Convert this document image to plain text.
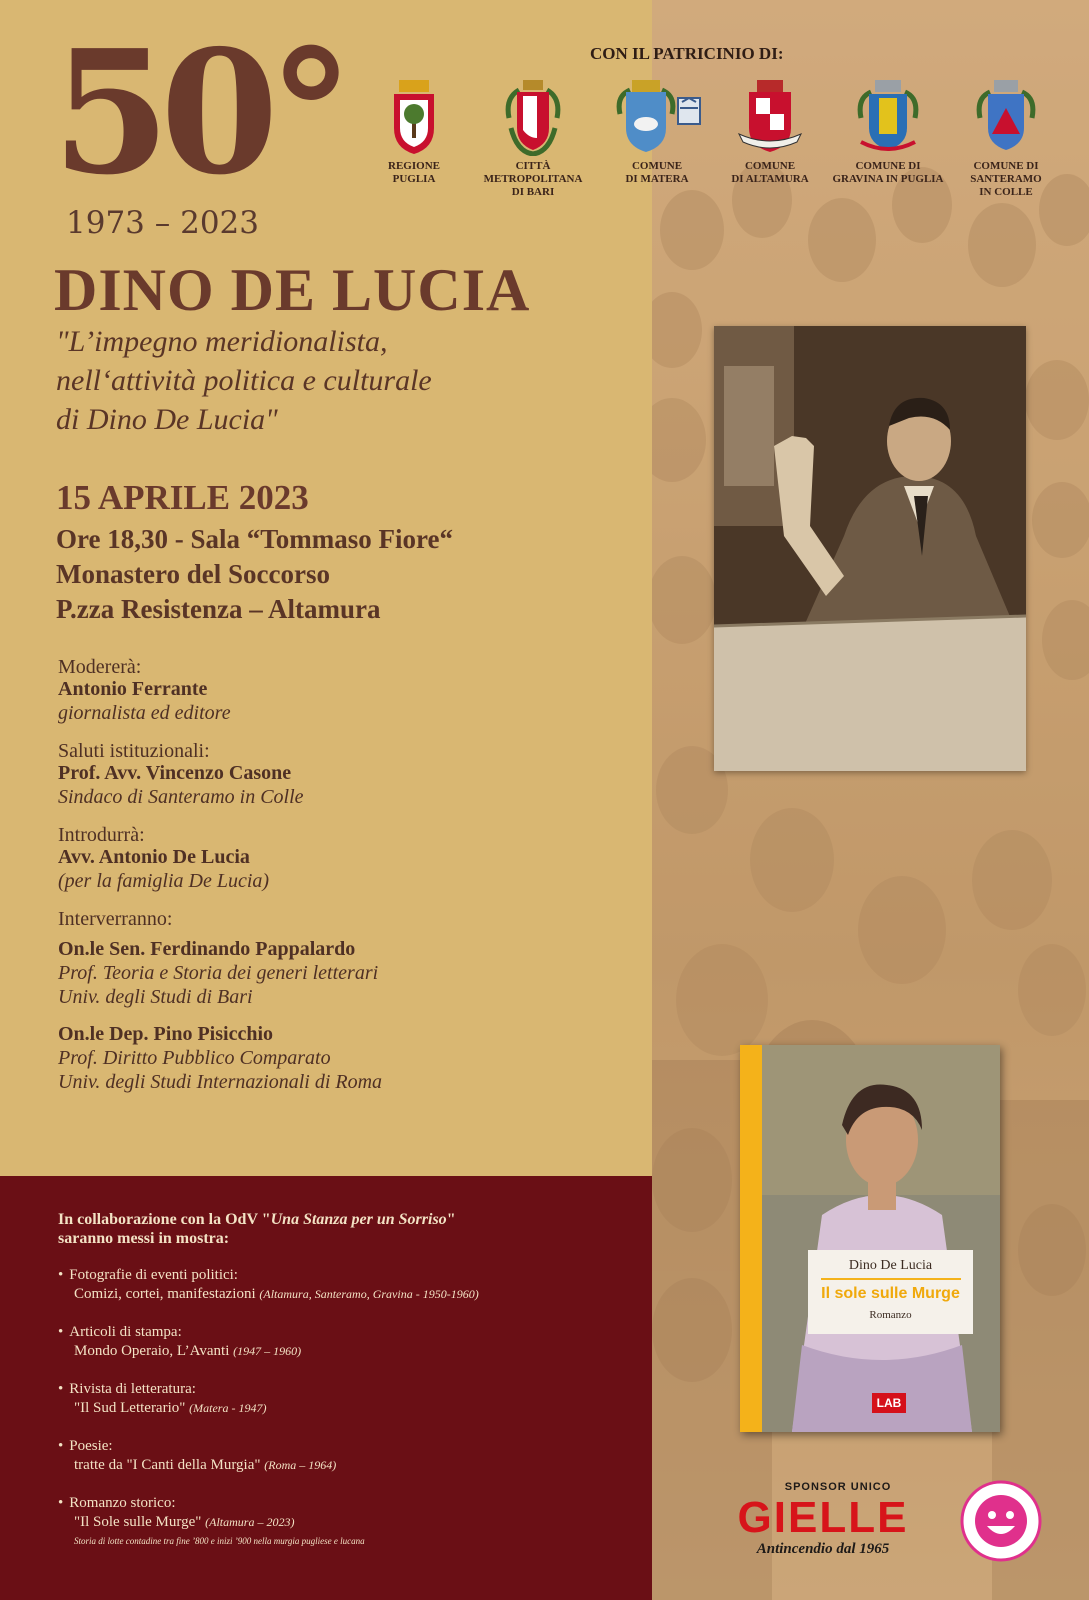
50°
1973 – 2023
DINO DE LUCIA
"L’impegno meridionalista,
nell‘attività politica e culturale
di Dino De Lucia"
15 APRILE 2023
Ore 18,30 - Sala “Tommaso Fiore“
Monastero del Soccorso
P.zza Resistenza – Altamura
Modererà:
Antonio Ferrante
giornalista ed editore
Saluti istituzionali:
Prof. Avv. Vincenzo Casone
Sindaco di Santeramo in Colle
Introdurrà:
Avv. Antonio De Lucia
(per la famiglia De Lucia)
Interverranno:
On.le Sen. Ferdinando Pappalardo
Prof. Teoria e Storia dei generi letterari
Univ. degli Studi di Bari
On.le Dep. Pino Pisicchio
Prof. Diritto Pubblico Comparato
Univ. degli Studi Internazionali di Roma
CON IL PATRICINIO DI:
REGIONE
PUGLIA
CITTÀ
METROPOLITANA
DI BARI
COMUNE
DI MATERA
COMUNE
DI ALTAMURA
COMUNE DI
GRAVINA IN PUGLIA
COMUNE DI
SANTERAMO
IN COLLE
Dino De Lucia
Il sole sulle Murge
Romanzo
LAB
In collaborazione con la OdV "Una Stanza per un Sorriso"
saranno messi in mostra:
• Fotografie di eventi politici:
Comizi, cortei, manifestazioni (Altamura, Santeramo, Gravina - 1950-1960)
• Articoli di stampa:
Mondo Operaio, L’Avanti (1947 – 1960)
• Rivista di letteratura:
"Il Sud Letterario" (Matera - 1947)
• Poesie:
tratte da "I Canti della Murgia" (Roma – 1964)
• Romanzo storico:
"Il Sole sulle Murge" (Altamura – 2023)
Storia di lotte contadine tra fine ’800 e inizi ’900 nella murgia pugliese e lucana
SPONSOR UNICO
GIELLE
Antincendio dal 1965
